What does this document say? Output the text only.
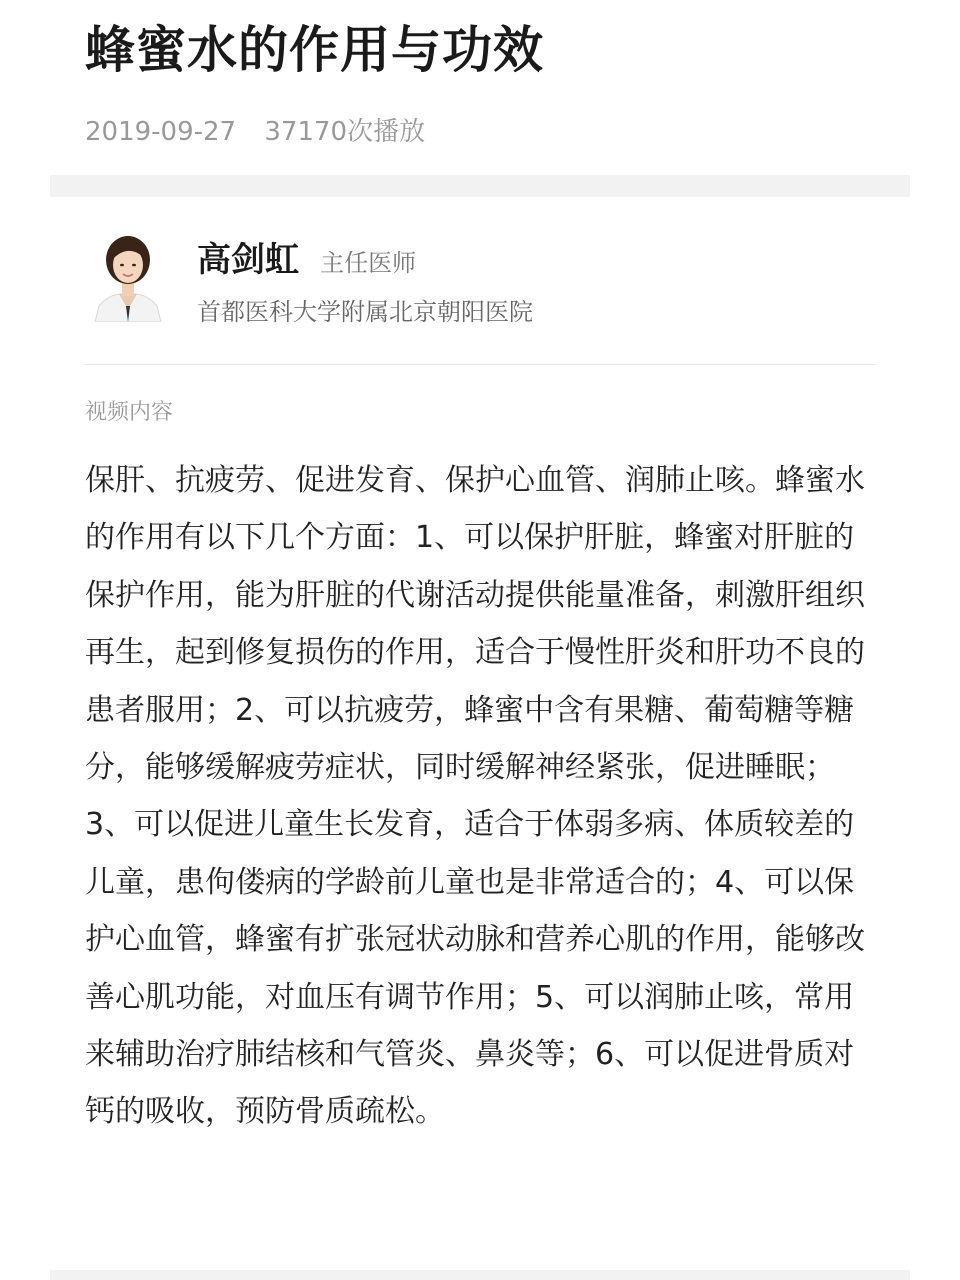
蜂蜜水的作用与功效
2019-09-27 37170次播放
高剑虹 主任医师
首都医科大学附属北京朝阳医院
视频内容

保肝、抗疲劳、促进发育、保护心血管、润肺止咳。蜂蜜水的作用有以下几个方面：1、可以保护肝脏，蜂蜜对肝脏的保护作用，能为肝脏的代谢活动提供能量准备，刺激肝组织再生，起到修复损伤的作用，适合于慢性肝炎和肝功不良的患者服用；2、可以抗疲劳，蜂蜜中含有果糖、葡萄糖等糖分，能够缓解疲劳症状，同时缓解神经紧张，促进睡眠；3、可以促进儿童生长发育，适合于体弱多病、体质较差的儿童，患佝偻病的学龄前儿童也是非常适合的；4、可以保护心血管，蜂蜜有扩张冠状动脉和营养心肌的作用，能够改善心肌功能，对血压有调节作用；5、可以润肺止咳，常用来辅助治疗肺结核和气管炎、鼻炎等；6、可以促进骨质对钙的吸收，预防骨质疏松。
